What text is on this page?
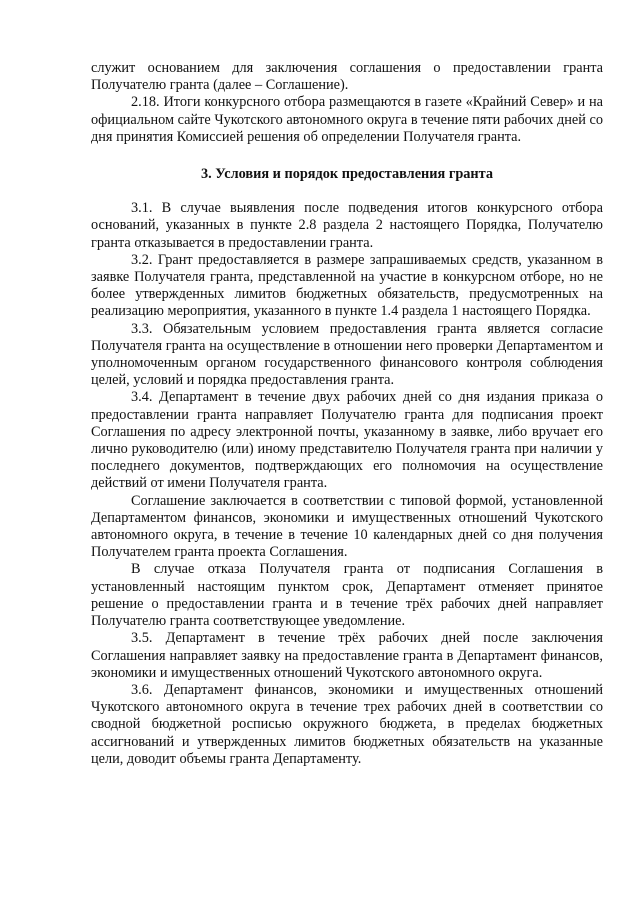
служит основанием для заключения соглашения о предоставлении гранта Получателю гранта (далее – Соглашение).

2.18. Итоги конкурсного отбора размещаются в газете «Крайний Север» и на официальном сайте Чукотского автономного округа в течение пяти рабочих дней со дня принятия Комиссией решения об определении Получателя гранта.

3. Условия и порядок предоставления гранта

3.1. В случае выявления после подведения итогов конкурсного отбора оснований, указанных в пункте 2.8 раздела 2 настоящего Порядка, Получателю гранта отказывается в предоставлении гранта.

3.2. Грант предоставляется в размере запрашиваемых средств, указанном в заявке Получателя гранта, представленной на участие в конкурсном отборе, но не более утвержденных лимитов бюджетных обязательств, предусмотренных на реализацию мероприятия, указанного в пункте 1.4 раздела 1 настоящего Порядка.

3.3. Обязательным условием предоставления гранта является согласие Получателя гранта на осуществление в отношении него проверки Департаментом и уполномоченным органом государственного финансового контроля соблюдения целей, условий и порядка предоставления гранта.

3.4. Департамент в течение двух рабочих дней со дня издания приказа о предоставлении гранта направляет Получателю гранта для подписания проект Соглашения по адресу электронной почты, указанному в заявке, либо вручает его лично руководителю (или) иному представителю Получателя гранта при наличии у последнего документов, подтверждающих его полномочия на осуществление действий от имени Получателя гранта.

Соглашение заключается в соответствии с типовой формой, установленной Департаментом финансов, экономики и имущественных отношений Чукотского автономного округа, в течение в течение 10 календарных дней со дня получения Получателем гранта проекта Соглашения.

В случае отказа Получателя гранта от подписания Соглашения в установленный настоящим пунктом срок, Департамент отменяет принятое решение о предоставлении гранта и в течение трёх рабочих дней направляет Получателю гранта соответствующее уведомление.

3.5. Департамент в течение трёх рабочих дней после заключения Соглашения направляет заявку на предоставление гранта в Департамент финансов, экономики и имущественных отношений Чукотского автономного округа.

3.6. Департамент финансов, экономики и имущественных отношений Чукотского автономного округа в течение трех рабочих дней в соответствии со сводной бюджетной росписью окружного бюджета, в пределах бюджетных ассигнований и утвержденных лимитов бюджетных обязательств на указанные цели, доводит объемы гранта Департаменту.
